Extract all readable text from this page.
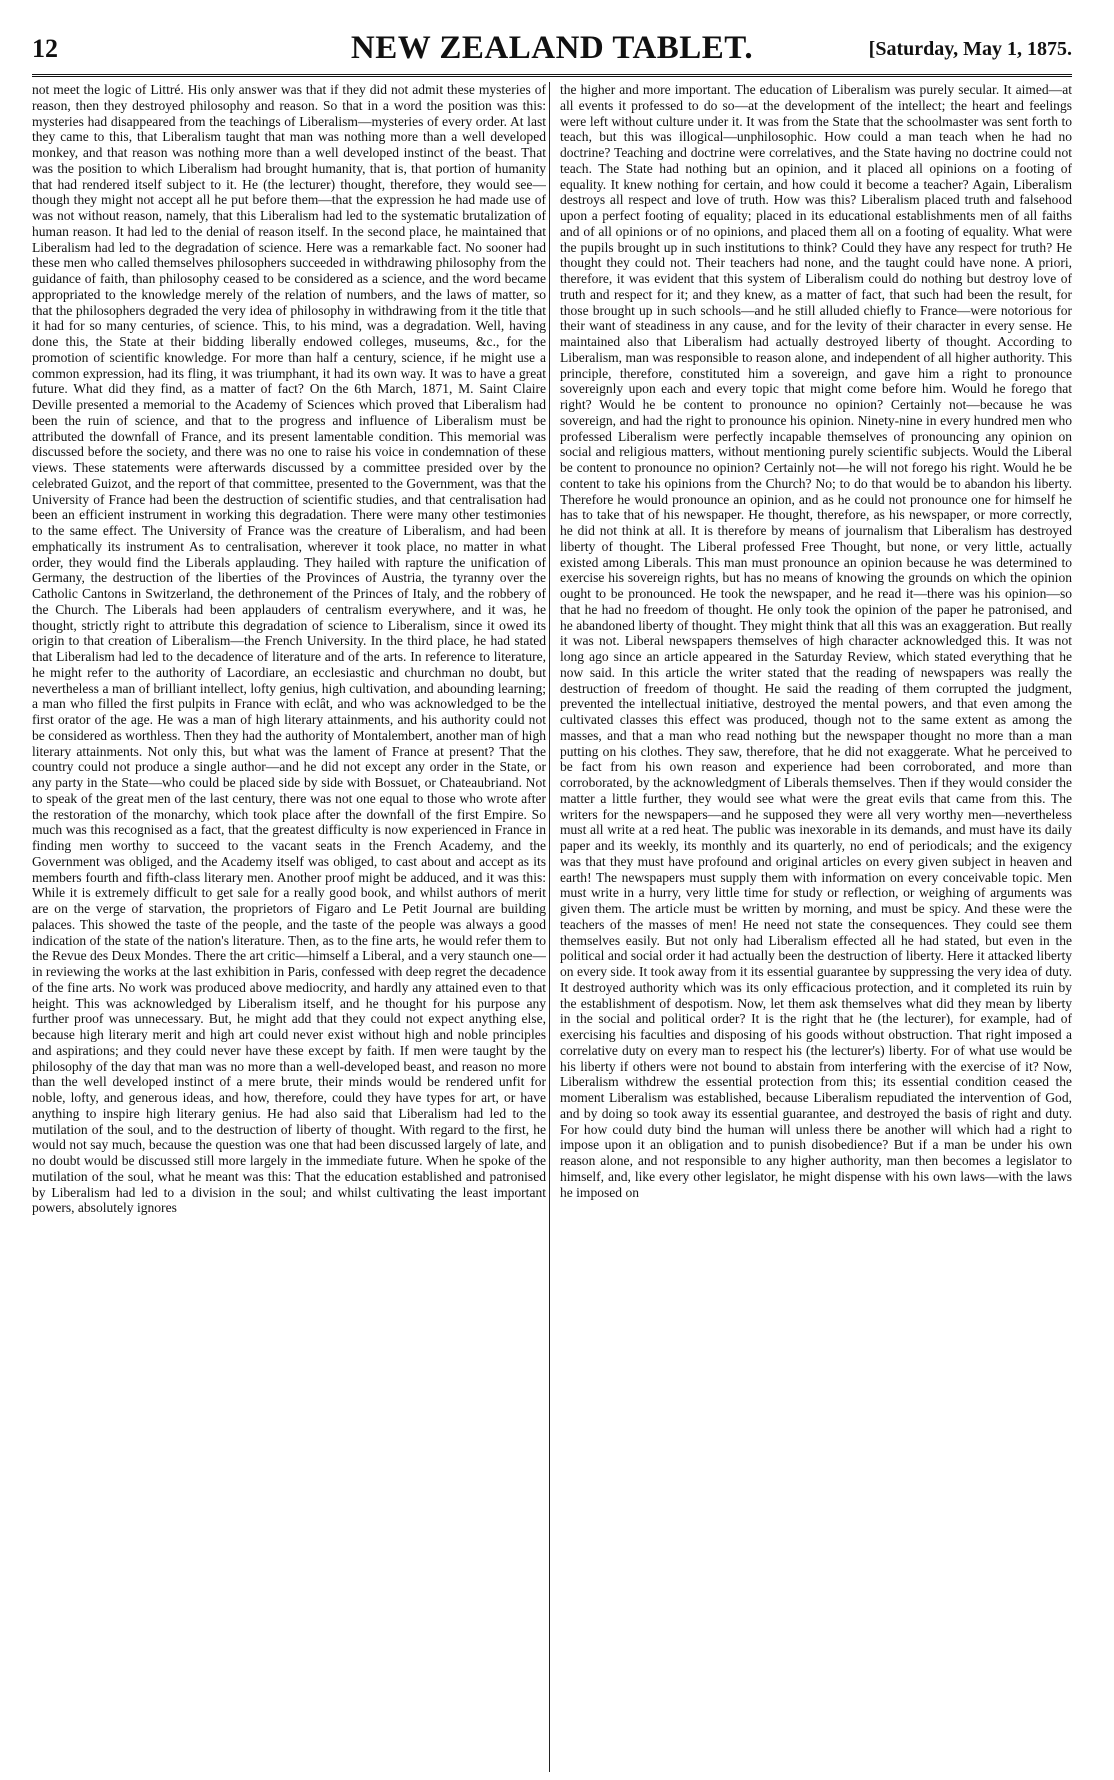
12	NEW ZEALAND TABLET.	[Saturday, May 1, 1875.

not meet the logic of Littré. His only answer was that if they did not admit these mysteries of reason, then they destroyed philosophy and reason. So that in a word the position was this: mysteries had disappeared from the teachings of Liberalism—mysteries of every order. At last they came to this, that Liberalism taught that man was nothing more than a well developed monkey, and that reason was nothing more than a well developed instinct of the beast. That was the position to which Liberalism had brought humanity, that is, that portion of humanity that had rendered itself subject to it. He (the lecturer) thought, therefore, they would see—though they might not accept all he put before them—that the expression he had made use of was not without reason, namely, that this Liberalism had led to the systematic brutalization of human reason. It had led to the denial of reason itself. In the second place, he maintained that Liberalism had led to the degradation of science. Here was a remarkable fact. No sooner had these men who called themselves philosophers succeeded in withdrawing philosophy from the guidance of faith, than philosophy ceased to be considered as a science, and the word became appropriated to the knowledge merely of the relation of numbers, and the laws of matter, so that the philosophers degraded the very idea of philosophy in withdrawing from it the title that it had for so many centuries, of science. This, to his mind, was a degradation. Well, having done this, the State at their bidding liberally endowed colleges, museums, &c., for the promotion of scientific knowledge. For more than half a century, science, if he might use a common expression, had its fling, it was triumphant, it had its own way. It was to have a great future. What did they find, as a matter of fact? On the 6th March, 1871, M. Saint Claire Deville presented a memorial to the Academy of Sciences which proved that Liberalism had been the ruin of science, and that to the progress and influence of Liberalism must be attributed the downfall of France, and its present lamentable condition. This memorial was discussed before the society, and there was no one to raise his voice in condemnation of these views. These statements were afterwards discussed by a committee presided over by the celebrated Guizot, and the report of that committee, presented to the Government, was that the University of France had been the destruction of scientific studies, and that centralisation had been an efficient instrument in working this degradation. There were many other testimonies to the same effect. The University of France was the creature of Liberalism, and had been emphatically its instrument As to centralisation, wherever it took place, no matter in what order, they would find the Liberals applauding. They hailed with rapture the unification of Germany, the destruction of the liberties of the Provinces of Austria, the tyranny over the Catholic Cantons in Switzerland, the dethronement of the Princes of Italy, and the robbery of the Church. The Liberals had been applauders of centralism everywhere, and it was, he thought, strictly right to attribute this degradation of science to Liberalism, since it owed its origin to that creation of Liberalism—the French University. In the third place, he had stated that Liberalism had led to the decadence of literature and of the arts. In reference to literature, he might refer to the authority of Lacordiare, an ecclesiastic and churchman no doubt, but nevertheless a man of brilliant intellect, lofty genius, high cultivation, and abounding learning; a man who filled the first pulpits in France with eclât, and who was acknowledged to be the first orator of the age. He was a man of high literary attainments, and his authority could not be considered as worthless. Then they had the authority of Montalembert, another man of high literary attainments. Not only this, but what was the lament of France at present? That the country could not produce a single author—and he did not except any order in the State, or any party in the State—who could be placed side by side with Bossuet, or Chateaubriand. Not to speak of the great men of the last century, there was not one equal to those who wrote after the restoration of the monarchy, which took place after the downfall of the first Empire. So much was this recognised as a fact, that the greatest difficulty is now experienced in France in finding men worthy to succeed to the vacant seats in the French Academy, and the Government was obliged, and the Academy itself was obliged, to cast about and accept as its members fourth and fifth-class literary men. Another proof might be adduced, and it was this: While it is extremely difficult to get sale for a really good book, and whilst authors of merit are on the verge of starvation, the proprietors of Figaro and Le Petit Journal are building palaces. This showed the taste of the people, and the taste of the people was always a good indication of the state of the nation's literature. Then, as to the fine arts, he would refer them to the Revue des Deux Mondes. There the art critic—himself a Liberal, and a very staunch one—in reviewing the works at the last exhibition in Paris, confessed with deep regret the decadence of the fine arts. No work was produced above mediocrity, and hardly any attained even to that height. This was acknowledged by Liberalism itself, and he thought for his purpose any further proof was unnecessary. But, he might add that they could not expect anything else, because high literary merit and high art could never exist without high and noble principles and aspirations; and they could never have these except by faith. If men were taught by the philosophy of the day that man was no more than a well-developed beast, and reason no more than the well developed instinct of a mere brute, their minds would be rendered unfit for noble, lofty, and generous ideas, and how, therefore, could they have types for art, or have anything to inspire high literary genius. He had also said that Liberalism had led to the mutilation of the soul, and to the destruction of liberty of thought. With regard to the first, he would not say much, because the question was one that had been discussed largely of late, and no doubt would be discussed still more largely in the immediate future. When he spoke of the mutilation of the soul, what he meant was this: That the education established and patronised by Liberalism had led to a division in the soul; and whilst cultivating the least important powers, absolutely ignores

the higher and more important. The education of Liberalism was purely secular. It aimed—at all events it professed to do so—at the development of the intellect; the heart and feelings were left without culture under it. It was from the State that the schoolmaster was sent forth to teach, but this was illogical—unphilosophic. How could a man teach when he had no doctrine? Teaching and doctrine were correlatives, and the State having no doctrine could not teach. The State had nothing but an opinion, and it placed all opinions on a footing of equality. It knew nothing for certain, and how could it become a teacher? Again, Liberalism destroys all respect and love of truth. How was this? Liberalism placed truth and falsehood upon a perfect footing of equality; placed in its educational establishments men of all faiths and of all opinions or of no opinions, and placed them all on a footing of equality. What were the pupils brought up in such institutions to think? Could they have any respect for truth? He thought they could not. Their teachers had none, and the taught could have none. A priori, therefore, it was evident that this system of Liberalism could do nothing but destroy love of truth and respect for it; and they knew, as a matter of fact, that such had been the result, for those brought up in such schools—and he still alluded chiefly to France—were notorious for their want of steadiness in any cause, and for the levity of their character in every sense. He maintained also that Liberalism had actually destroyed liberty of thought. According to Liberalism, man was responsible to reason alone, and independent of all higher authority. This principle, therefore, constituted him a sovereign, and gave him a right to pronounce sovereignly upon each and every topic that might come before him. Would he forego that right? Would he be content to pronounce no opinion? Certainly not—because he was sovereign, and had the right to pronounce his opinion. Ninety-nine in every hundred men who professed Liberalism were perfectly incapable themselves of pronouncing any opinion on social and religious matters, without mentioning purely scientific subjects. Would the Liberal be content to pronounce no opinion? Certainly not—he will not forego his right. Would he be content to take his opinions from the Church? No; to do that would be to abandon his liberty. Therefore he would pronounce an opinion, and as he could not pronounce one for himself he has to take that of his newspaper. He thought, therefore, as his newspaper, or more correctly, he did not think at all. It is therefore by means of journalism that Liberalism has destroyed liberty of thought. The Liberal professed Free Thought, but none, or very little, actually existed among Liberals. This man must pronounce an opinion because he was determined to exercise his sovereign rights, but has no means of knowing the grounds on which the opinion ought to be pronounced. He took the newspaper, and he read it—there was his opinion—so that he had no freedom of thought. He only took the opinion of the paper he patronised, and he abandoned liberty of thought. They might think that all this was an exaggeration. But really it was not. Liberal newspapers themselves of high character acknowledged this. It was not long ago since an article appeared in the Saturday Review, which stated everything that he now said. In this article the writer stated that the reading of newspapers was really the destruction of freedom of thought. He said the reading of them corrupted the judgment, prevented the intellectual initiative, destroyed the mental powers, and that even among the cultivated classes this effect was produced, though not to the same extent as among the masses, and that a man who read nothing but the newspaper thought no more than a man putting on his clothes. They saw, therefore, that he did not exaggerate. What he perceived to be fact from his own reason and experience had been corroborated, and more than corroborated, by the acknowledgment of Liberals themselves. Then if they would consider the matter a little further, they would see what were the great evils that came from this. The writers for the newspapers—and he supposed they were all very worthy men—nevertheless must all write at a red heat. The public was inexorable in its demands, and must have its daily paper and its weekly, its monthly and its quarterly, no end of periodicals; and the exigency was that they must have profound and original articles on every given subject in heaven and earth! The newspapers must supply them with information on every conceivable topic. Men must write in a hurry, very little time for study or reflection, or weighing of arguments was given them. The article must be written by morning, and must be spicy. And these were the teachers of the masses of men! He need not state the consequences. They could see them themselves easily. But not only had Liberalism effected all he had stated, but even in the political and social order it had actually been the destruction of liberty. Here it attacked liberty on every side. It took away from it its essential guarantee by suppressing the very idea of duty. It destroyed authority which was its only efficacious protection, and it completed its ruin by the establishment of despotism. Now, let them ask themselves what did they mean by liberty in the social and political order? It is the right that he (the lecturer), for example, had of exercising his faculties and disposing of his goods without obstruction. That right imposed a correlative duty on every man to respect his (the lecturer's) liberty. For of what use would be his liberty if others were not bound to abstain from interfering with the exercise of it? Now, Liberalism withdrew the essential protection from this; its essential condition ceased the moment Liberalism was established, because Liberalism repudiated the intervention of God, and by doing so took away its essential guarantee, and destroyed the basis of right and duty. For how could duty bind the human will unless there be another will which had a right to impose upon it an obligation and to punish disobedience? But if a man be under his own reason alone, and not responsible to any higher authority, man then becomes a legislator to himself, and, like every other legislator, he might dispense with his own laws—with the laws he imposed on
